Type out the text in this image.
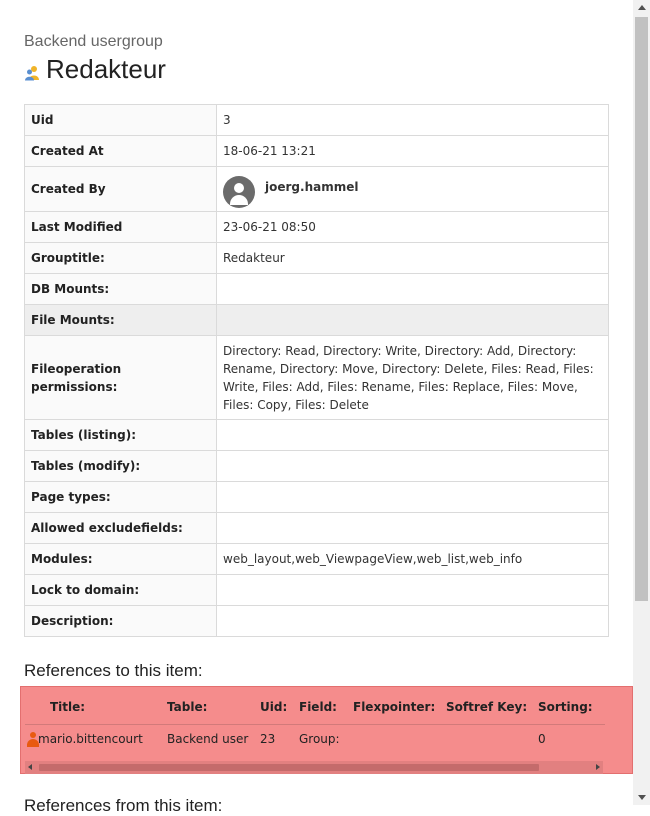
Backend usergroup
Redakteur
Uid	3
Created At	18-06-21 13:21
Created By	joerg.hammel

Last Modified	23-06-21 08:50
Grouptitle:	Redakteur
DB Mounts:	
File Mounts:	
Fileoperation permissions:	Directory: Read, Directory: Write, Directory: Add, Directory: Rename, Directory: Move, Directory: Delete, Files: Read, Files: Write, Files: Add, Files: Rename, Files: Replace, Files: Move, Files: Copy, Files: Delete
Tables (listing):	
Tables (modify):	
Page types:	
Allowed excludefields:	
Modules:	web_layout,web_ViewpageView,web_list,web_info
Lock to domain:	
Description:	
References to this item:
	Title:	Table:	Uid:	Field:	Flexpointer:	Softref Key:	Sorting:

	mario.bittencourt	Backend user	23	Group:			0
References from this item:
